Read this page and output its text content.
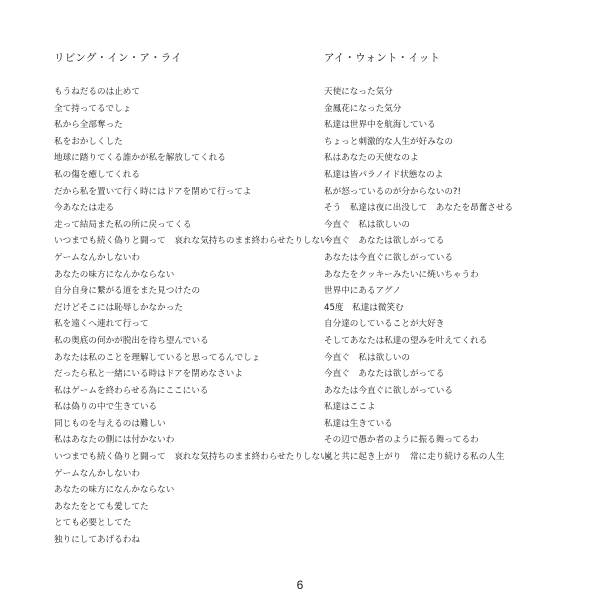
リビング・イン・ア・ライ
もうねだるのは止めて
全て持ってるでしょ
私から全部奪った
私をおかしくした
地球に踏りてくる誰かが私を解放してくれる
私の傷を癒してくれる
だから私を置いて行く時にはドアを閉めて行ってよ
今あなたは走る
走って結局また私の所に戻ってくる
いつまでも続く偽りと闘って　哀れな気持ちのまま終わらせたりしない
ゲームなんかしないわ
あなたの味方になんかならない
自分自身に繋がる道をまた見つけたの
だけどそこには恥辱しかなかった
私を遠くへ連れて行って
私の奥底の何かが脱出を待ち望んでいる
あなたは私のことを理解していると思ってるんでしょ
だったら私と一緒にいる時はドアを閉めなさいよ
私はゲームを終わらせる為にここにいる
私は偽りの中で生きている
同じものを与えるのは難しい
私はあなたの側には付かないわ
いつまでも続く偽りと闘って　哀れな気持ちのまま終わらせたりしない
ゲームなんかしないわ
あなたの味方になんかならない
あなたをとても愛してた
とても必要としてた
独りにしてあげるわね
アイ・ウォント・イット
天使になった気分
金鳳花になった気分
私達は世界中を航海している
ちょっと刺激的な人生が好みなの
私はあなたの天使なのよ
私達は皆パラノイド状態なのよ
私が怒っているのが分からないの?!
そう　私達は夜に出没して　あなたを昂奮させる
今直ぐ　私は欲しいの
今直ぐ　あなたは欲しがってる
あなたは今直ぐに欲しがっている
あなたをクッキーみたいに焼いちゃうわ
世界中にあるアグノ
45度　私達は微笑む
自分達のしていることが大好き
そしてあなたは私達の望みを叶えてくれる
今直ぐ　私は欲しいの
今直ぐ　あなたは欲しがってる
あなたは今直ぐに欲しがっている
私達はここよ
私達は生きている
その辺で愚か者のように振る舞ってるわ
嵐と共に起き上がり　常に走り続ける私の人生
6
